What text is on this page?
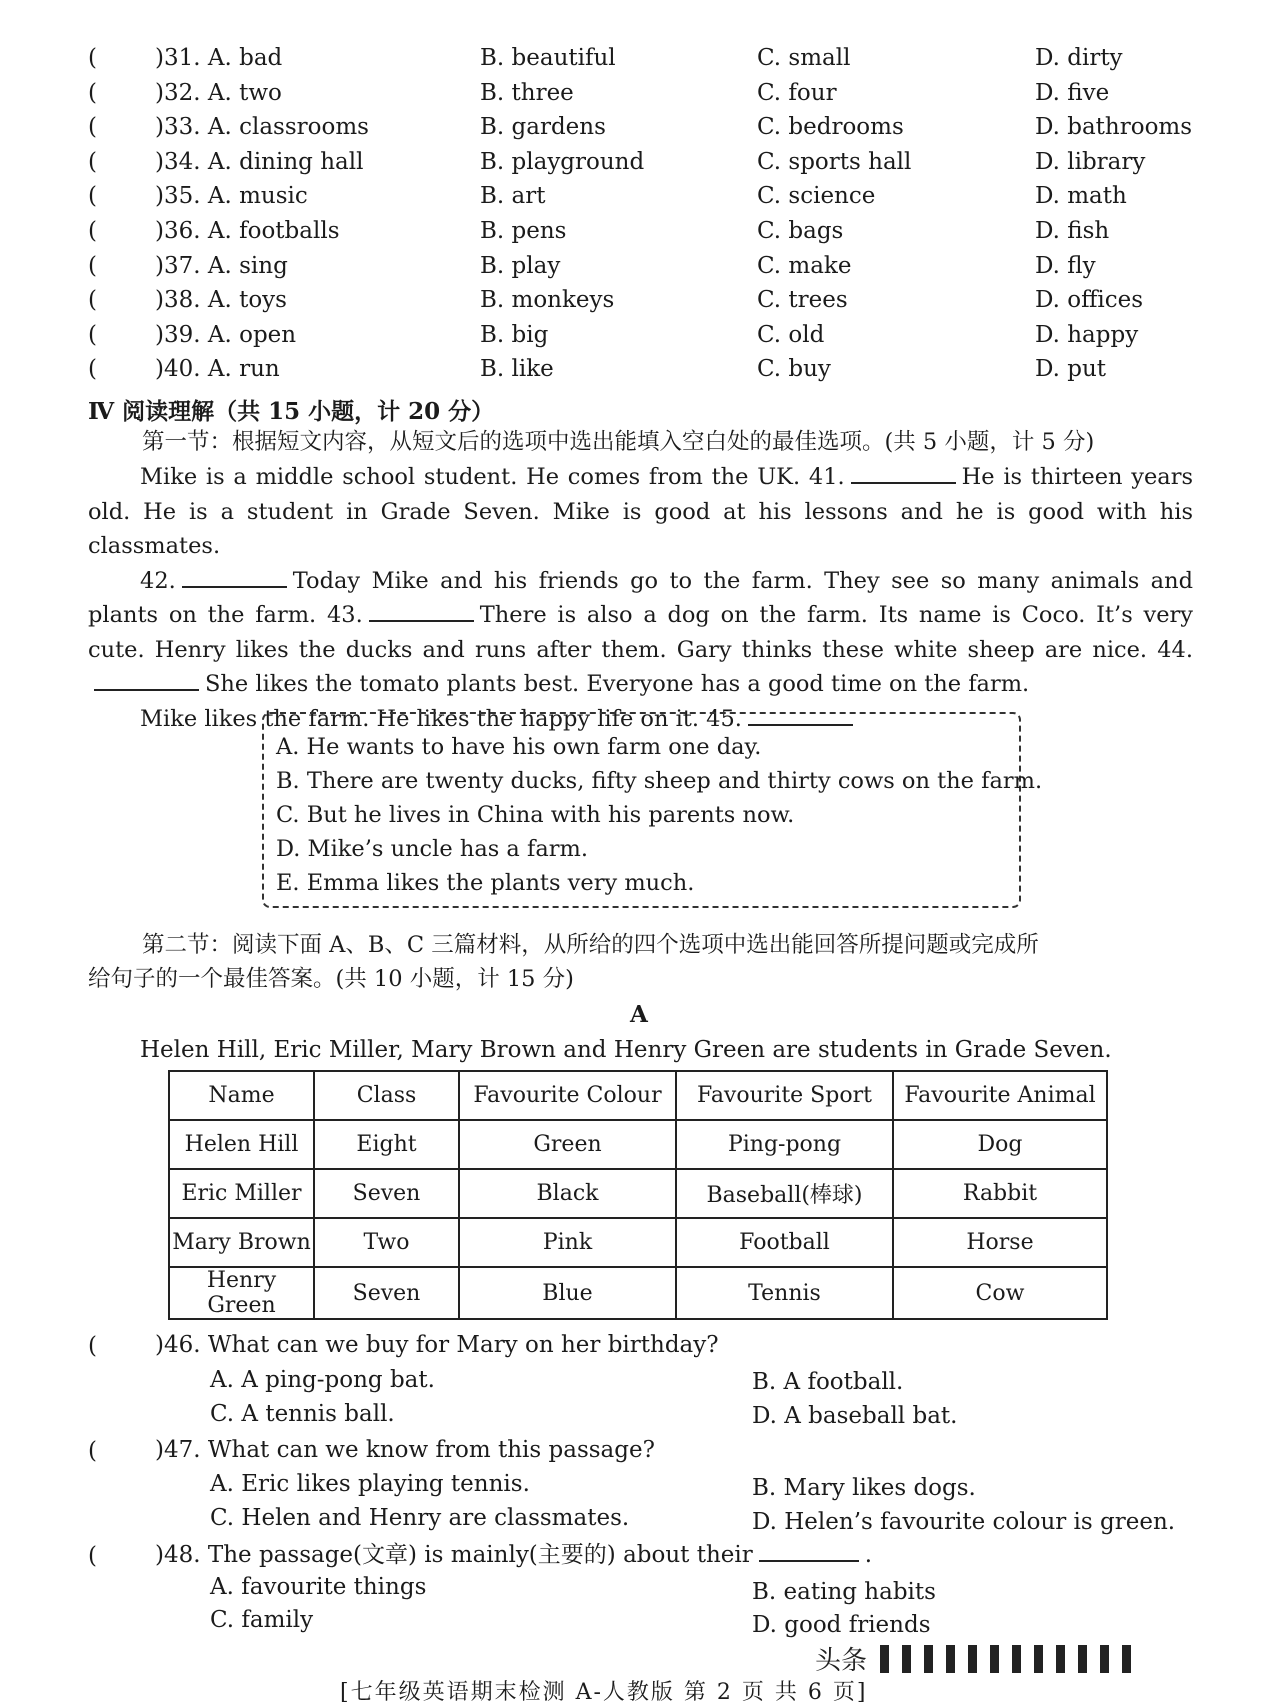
(	)31. A. bad	B. beautiful	C. small	D. dirty
(	)32. A. two	B. three	C. four	D. five
(	)33. A. classrooms	B. gardens	C. bedrooms	D. bathrooms
(	)34. A. dining hall	B. playground	C. sports hall	D. library
(	)35. A. music	B. art	C. science	D. math
(	)36. A. footballs	B. pens	C. bags	D. fish
(	)37. A. sing	B. play	C. make	D. fly
(	)38. A. toys	B. monkeys	C. trees	D. offices
(	)39. A. open	B. big	C. old	D. happy
(	)40. A. run	B. like	C. buy	D. put
Ⅳ 阅读理解（共 15 小题，计 20 分）
第一节：根据短文内容，从短文后的选项中选出能填入空白处的最佳选项。(共 5 小题，计 5 分)

Mike is a middle school student. He comes from the UK. 41.	He is thirteen years old. He is a student in Grade Seven. Mike is good at his lessons and he is good with his classmates.

42.	Today Mike and his friends go to the farm. They see so many animals and plants on the farm. 43.	There is also a dog on the farm. Its name is Coco. It’s very cute. Henry likes the ducks and runs after them. Gary thinks these white sheep are nice. 44.She likes the tomato plants best. Everyone has a good time on the farm.

Mike likes the farm. He likes the happy life on it. 45.

A. He wants to have his own farm one day.
B. There are twenty ducks, fifty sheep and thirty cows on the farm.
C. But he lives in China with his parents now.
D. Mike’s uncle has a farm.
E. Emma likes the plants very much.
第二节：阅读下面 A、B、C 三篇材料，从所给的四个选项中选出能回答所提问题或完成所
给句子的一个最佳答案。(共 10 小题，计 15 分)
A
Helen Hill, Eric Miller, Mary Brown and Henry Green are students in Grade Seven.
Name	Class	Favourite Colour	Favourite Sport	Favourite Animal
Helen Hill	Eight	Green	Ping-pong	Dog
Eric Miller	Seven	Black	Baseball(棒球)	Rabbit
Mary Brown	Two	Pink	Football	Horse
Henry Green	Seven	Blue	Tennis	Cow
(	)46. What can we buy for Mary on her birthday?
A. A ping-pong bat.	B. A football.
C. A tennis ball.	D. A baseball bat.
(	)47. What can we know from this passage?
A. Eric likes playing tennis.	B. Mary likes dogs.
C. Helen and Henry are classmates.	D. Helen’s favourite colour is green.
(	)48. The passage(文章) is mainly(主要的) about their	.
A. favourite things	B. eating habits
C. family	D. good friends
头条
[七年级英语期末检测 A-人教版 第 2 页 共 6 页]
